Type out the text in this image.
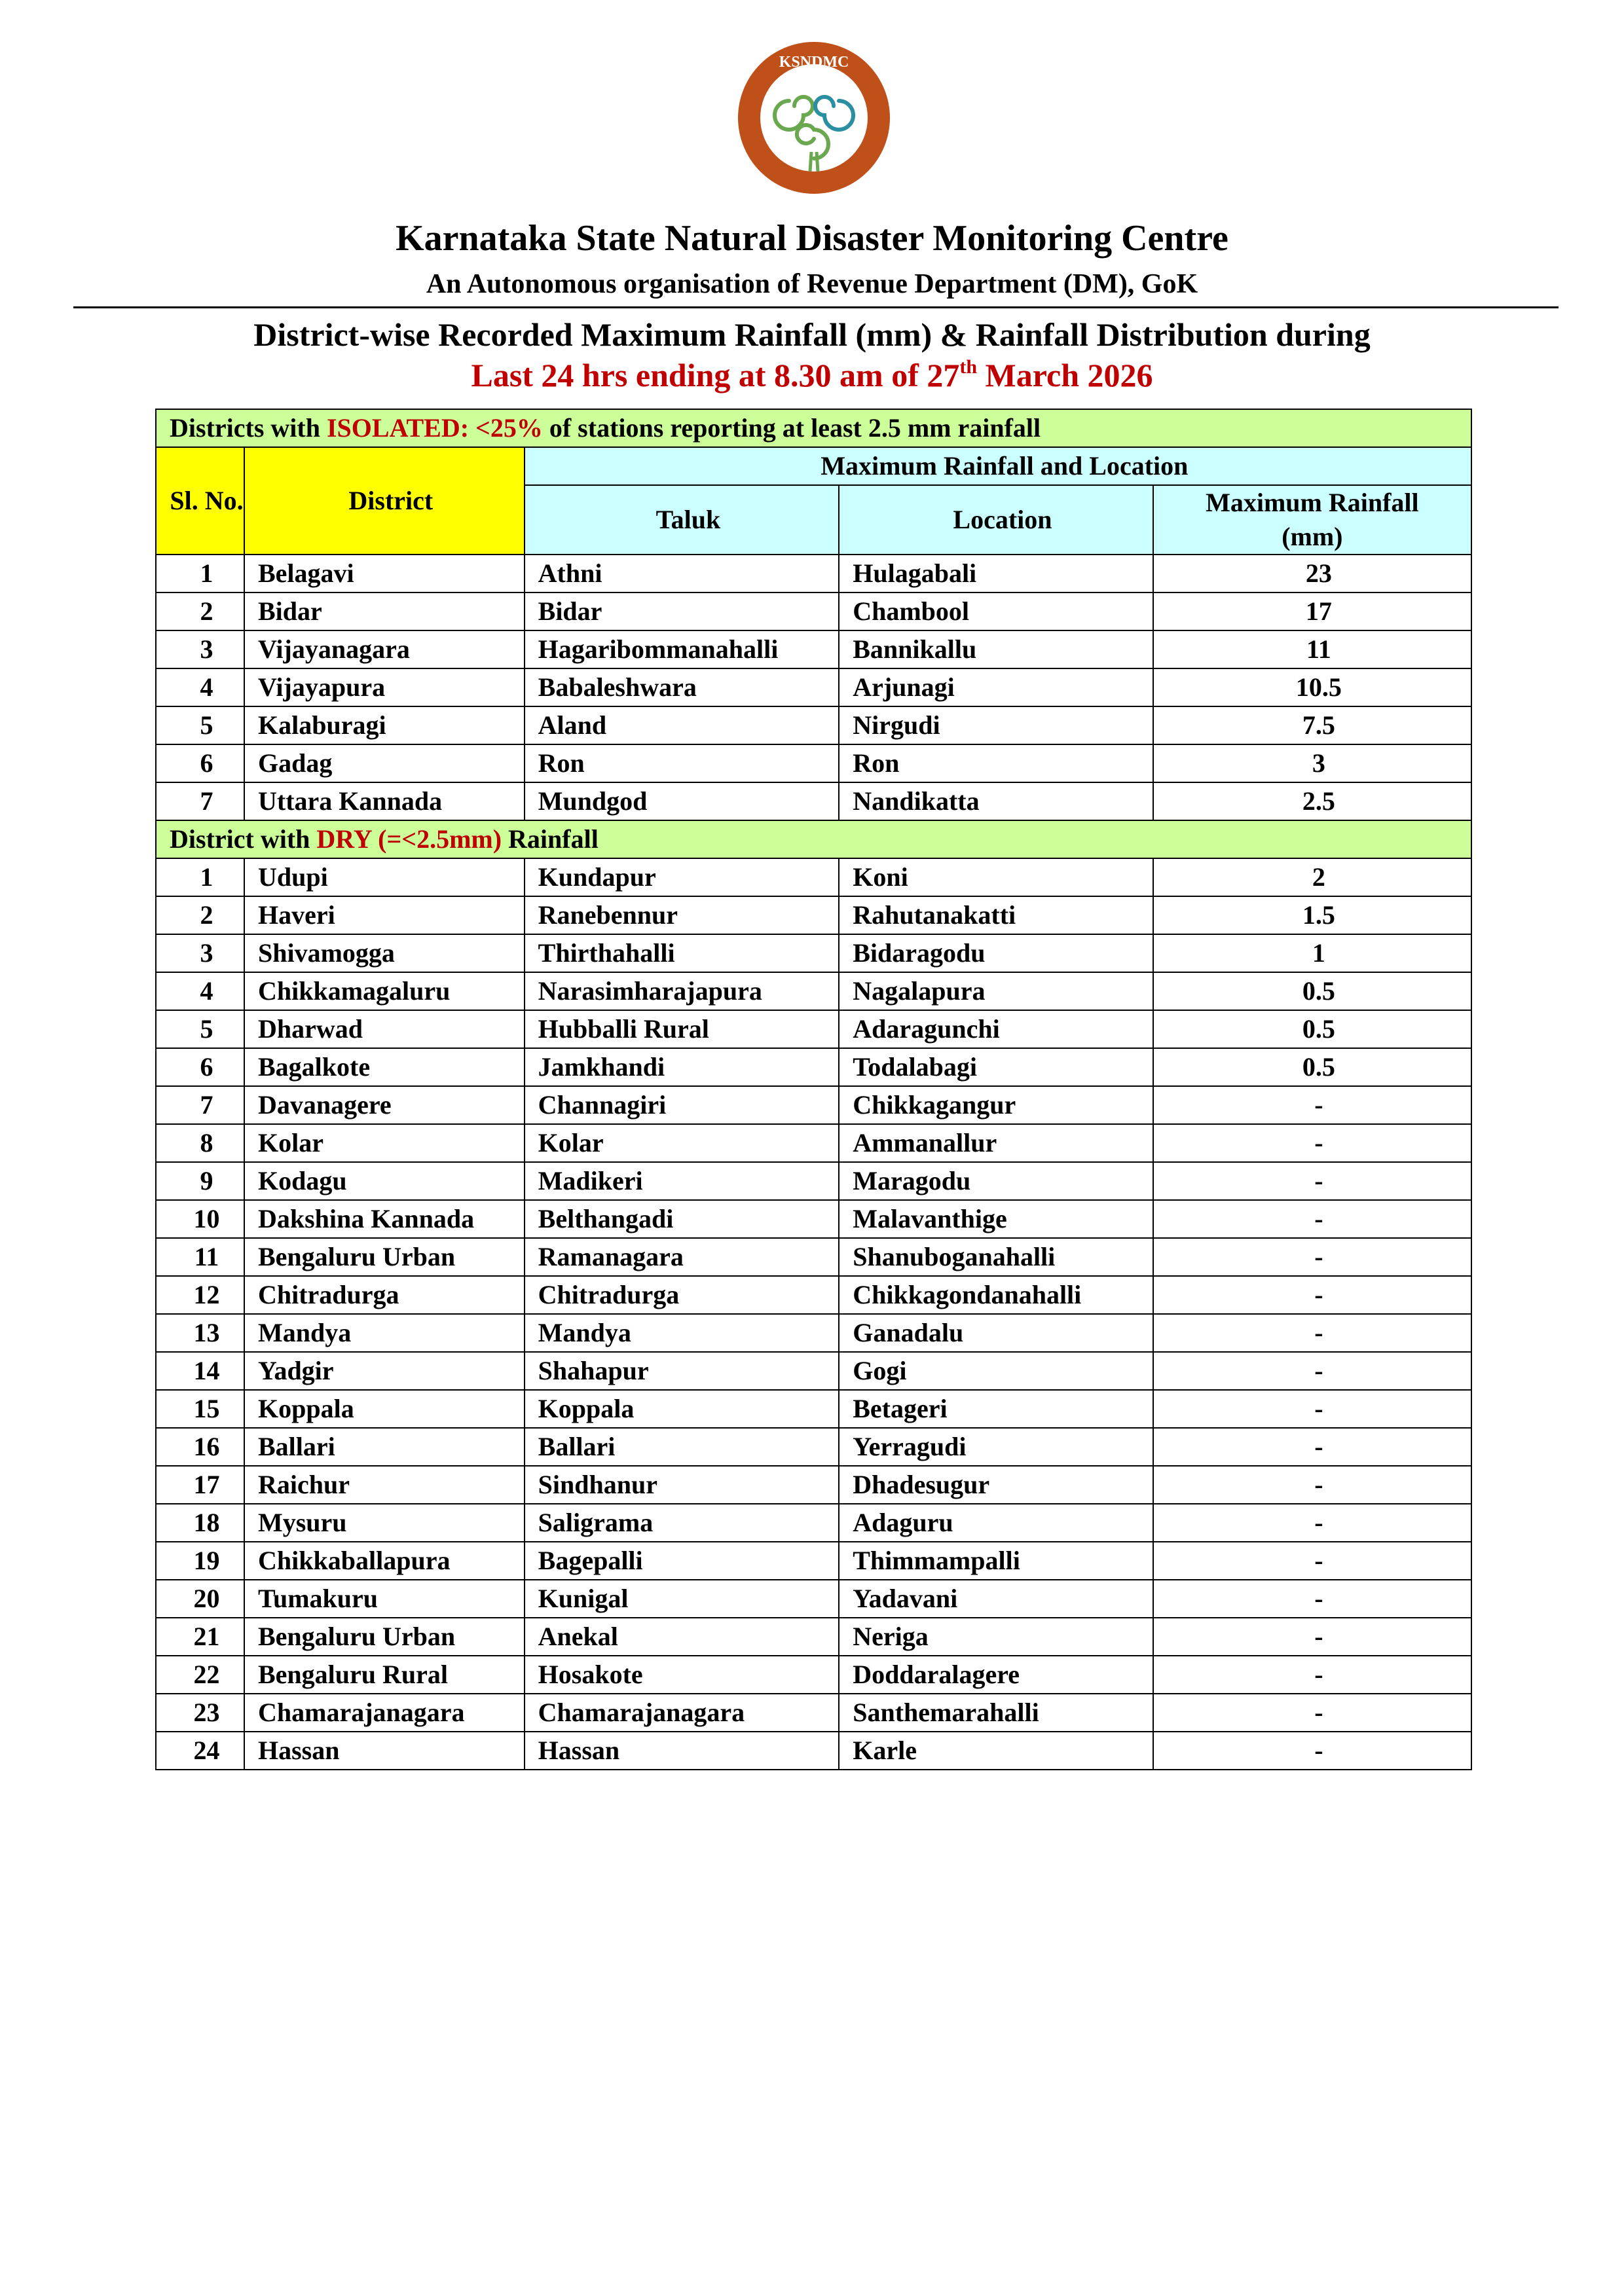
KSNDMC
Karnataka State Natural Disaster Monitoring Centre
An Autonomous organisation of Revenue Department (DM), GoK
District-wise Recorded Maximum Rainfall (mm) & Rainfall Distribution during
Last 24 hrs ending at 8.30 am of 27th March 2026
Districts with ISOLATED: <25% of stations reporting at least 2.5 mm rainfall				
Sl. No.	District	Maximum Rainfall and Location		
		Taluk	Location	Maximum Rainfall (mm)
1	Belagavi	Athni	Hulagabali	23
2	Bidar	Bidar	Chambool	17
3	Vijayanagara	Hagaribommanahalli	Bannikallu	11
4	Vijayapura	Babaleshwara	Arjunagi	10.5
5	Kalaburagi	Aland	Nirgudi	7.5
6	Gadag	Ron	Ron	3
7	Uttara Kannada	Mundgod	Nandikatta	2.5
District with DRY (=<2.5mm) Rainfall				
1	Udupi	Kundapur	Koni	2
2	Haveri	Ranebennur	Rahutanakatti	1.5
3	Shivamogga	Thirthahalli	Bidaragodu	1
4	Chikkamagaluru	Narasimharajapura	Nagalapura	0.5
5	Dharwad	Hubballi Rural	Adaragunchi	0.5
6	Bagalkote	Jamkhandi	Todalabagi	0.5
7	Davanagere	Channagiri	Chikkagangur	-
8	Kolar	Kolar	Ammanallur	-
9	Kodagu	Madikeri	Maragodu	-
10	Dakshina Kannada	Belthangadi	Malavanthige	-
11	Bengaluru Urban	Ramanagara	Shanuboganahalli	-
12	Chitradurga	Chitradurga	Chikkagondanahalli	-
13	Mandya	Mandya	Ganadalu	-
14	Yadgir	Shahapur	Gogi	-
15	Koppala	Koppala	Betageri	-
16	Ballari	Ballari	Yerragudi	-
17	Raichur	Sindhanur	Dhadesugur	-
18	Mysuru	Saligrama	Adaguru	-
19	Chikkaballapura	Bagepalli	Thimmampalli	-
20	Tumakuru	Kunigal	Yadavani	-
21	Bengaluru Urban	Anekal	Neriga	-
22	Bengaluru Rural	Hosakote	Doddaralagere	-
23	Chamarajanagara	Chamarajanagara	Santhemarahalli	-
24	Hassan	Hassan	Karle	-
